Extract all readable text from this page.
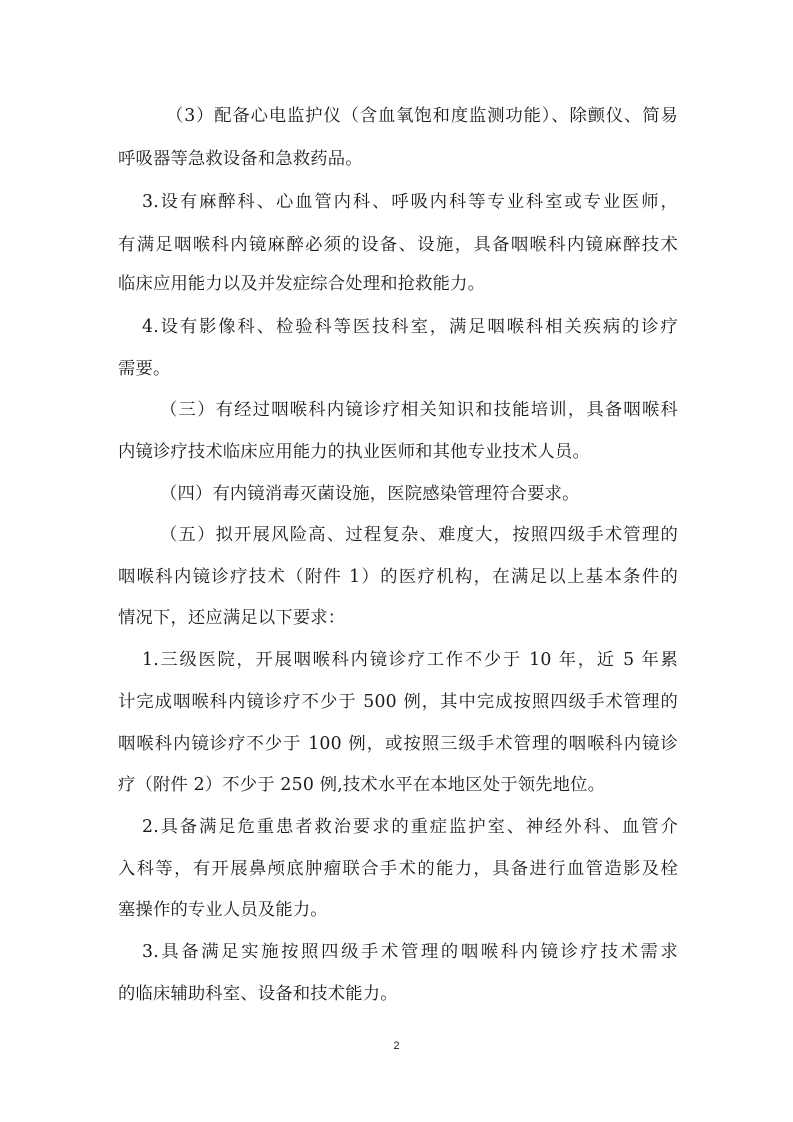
（3）配备心电监护仪（含血氧饱和度监测功能）、除颤仪、简易
呼吸器等急救设备和急救药品。
3.设有麻醉科、心血管内科、呼吸内科等专业科室或专业医师，
有满足咽喉科内镜麻醉必须的设备、设施，具备咽喉科内镜麻醉技术
临床应用能力以及并发症综合处理和抢救能力。
4.设有影像科、检验科等医技科室，满足咽喉科相关疾病的诊疗
需要。
（三）有经过咽喉科内镜诊疗相关知识和技能培训，具备咽喉科
内镜诊疗技术临床应用能力的执业医师和其他专业技术人员。
（四）有内镜消毒灭菌设施，医院感染管理符合要求。
（五）拟开展风险高、过程复杂、难度大，按照四级手术管理的
咽喉科内镜诊疗技术（附件 1）的医疗机构，在满足以上基本条件的
情况下，还应满足以下要求：
1.三级医院，开展咽喉科内镜诊疗工作不少于 10 年，近 5 年累
计完成咽喉科内镜诊疗不少于 500 例，其中完成按照四级手术管理的
咽喉科内镜诊疗不少于 100 例，或按照三级手术管理的咽喉科内镜诊
疗（附件 2）不少于 250 例,技术水平在本地区处于领先地位。
2.具备满足危重患者救治要求的重症监护室、神经外科、血管介
入科等，有开展鼻颅底肿瘤联合手术的能力，具备进行血管造影及栓
塞操作的专业人员及能力。
3.具备满足实施按照四级手术管理的咽喉科内镜诊疗技术需求
的临床辅助科室、设备和技术能力。
2
